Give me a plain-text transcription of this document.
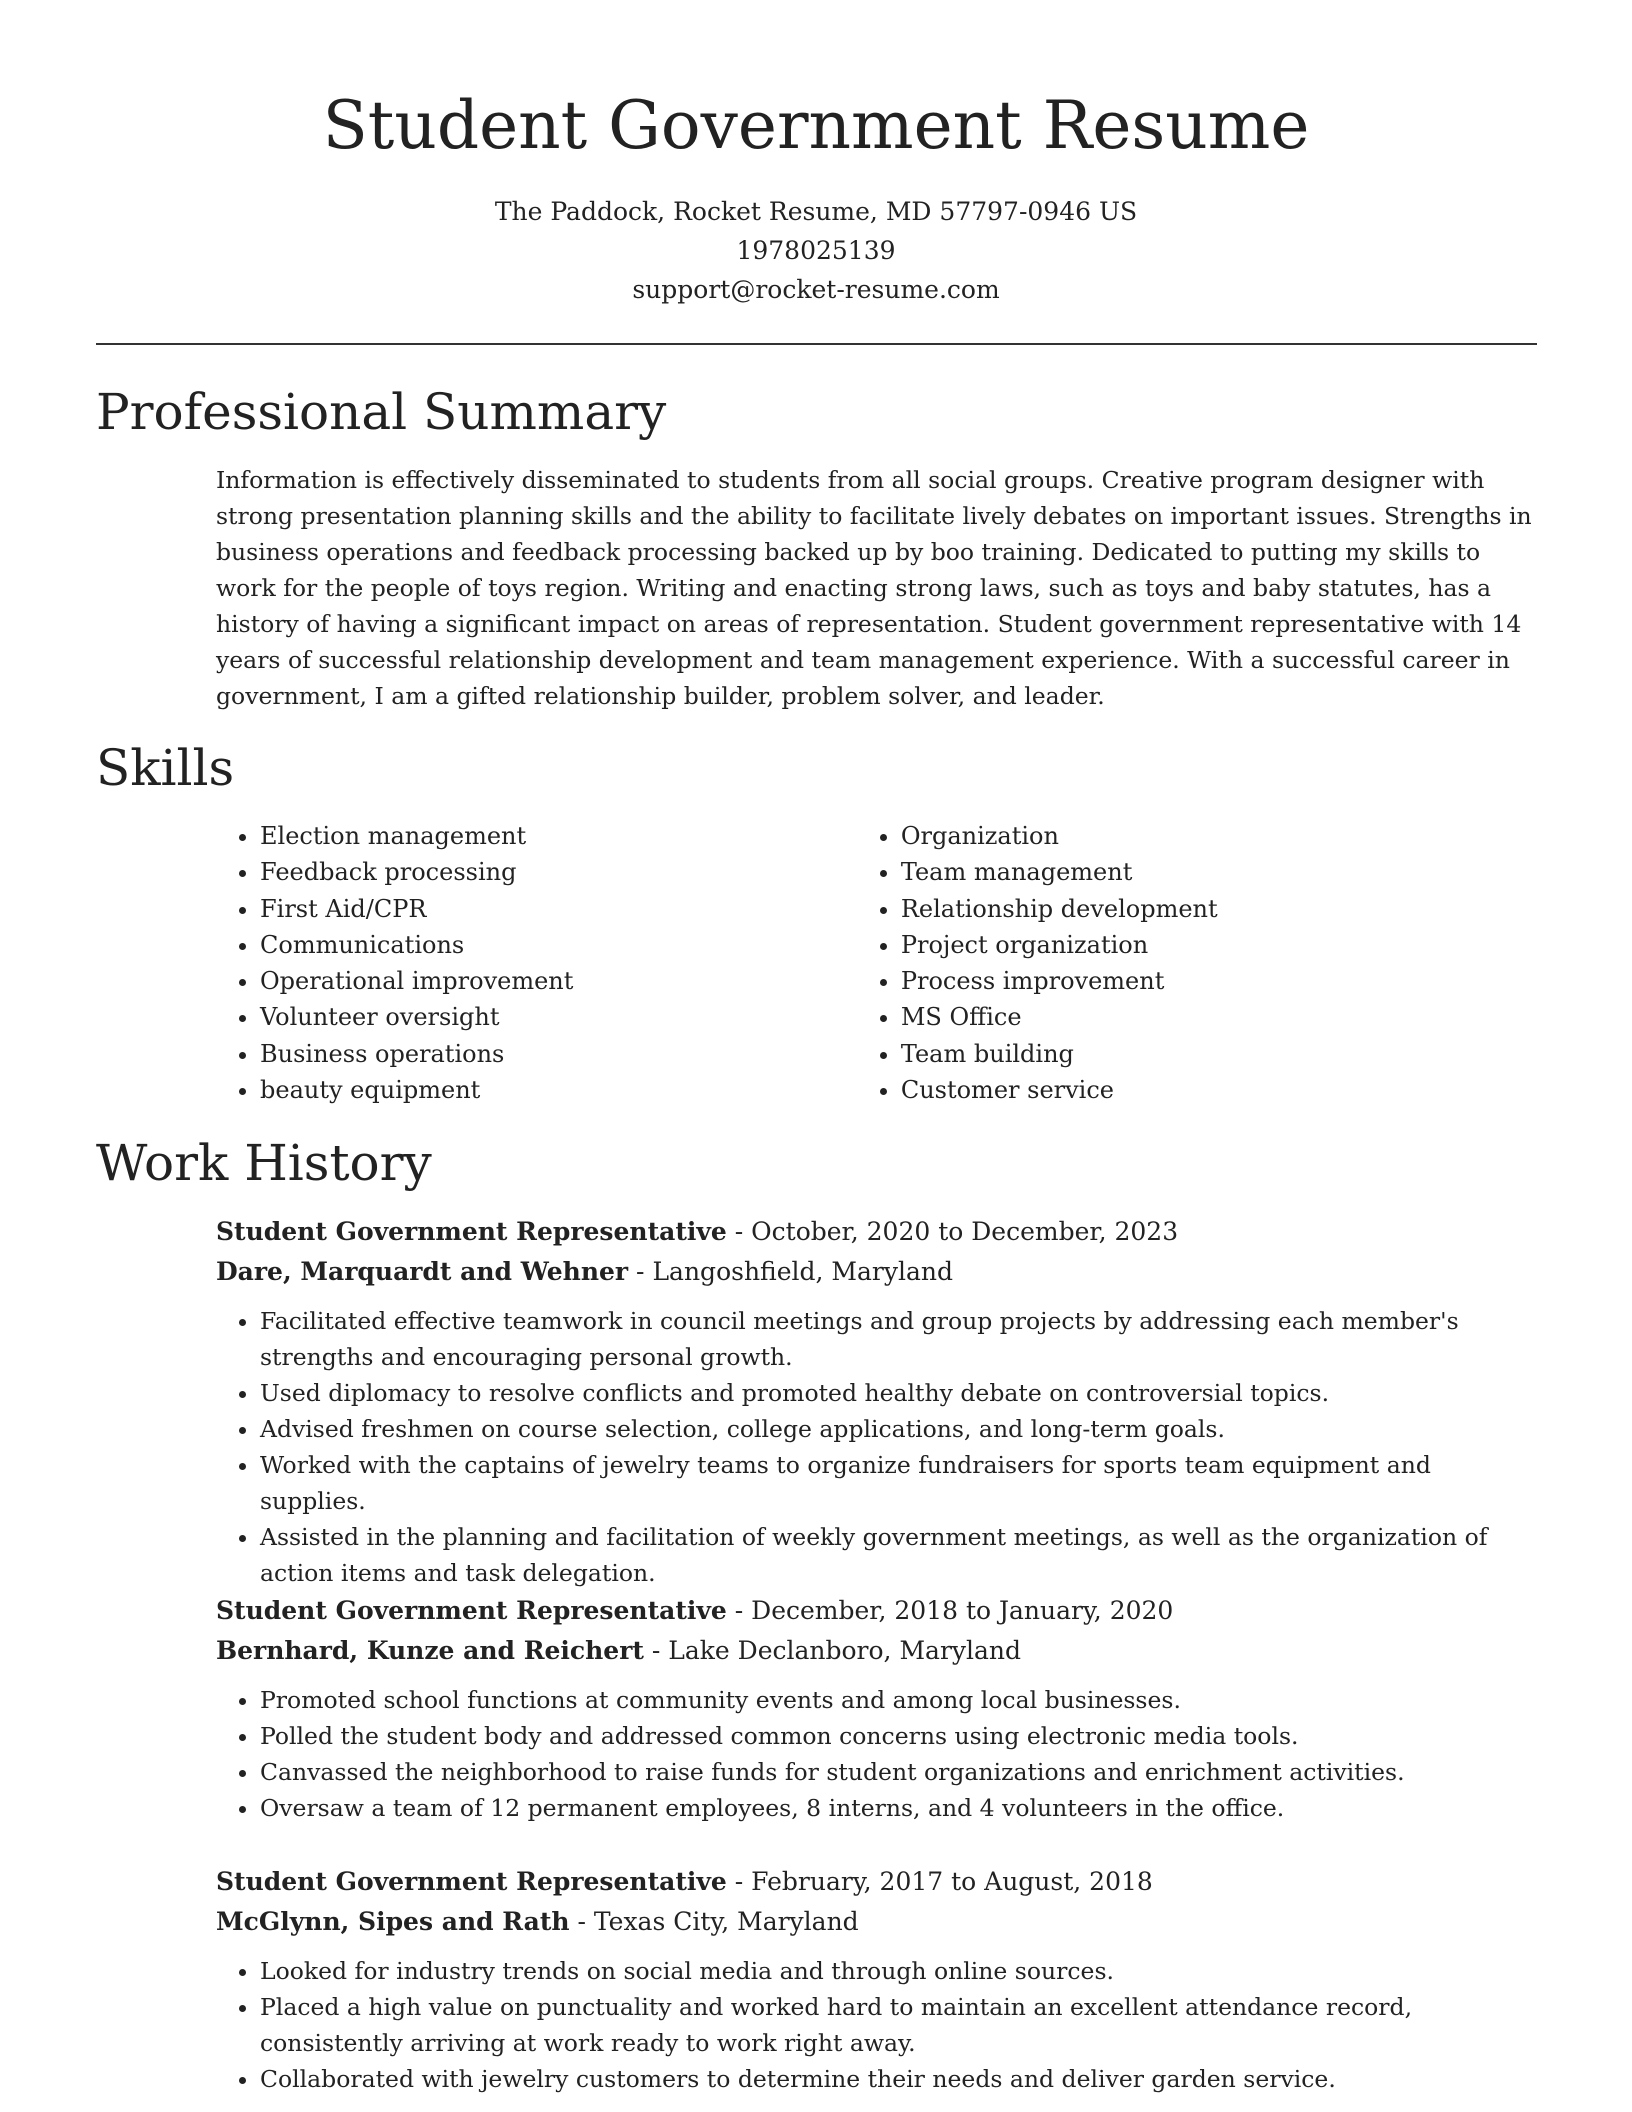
Student Government Resume
The Paddock, Rocket Resume, MD 57797-0946 US
1978025139
support@rocket-resume.com
Professional Summary

Information is effectively disseminated to students from all social groups. Creative program designer with strong presentation planning skills and the ability to facilitate lively debates on important issues. Strengths in business operations and feedback processing backed up by boo training. Dedicated to putting my skills to work for the people of toys region. Writing and enacting strong laws, such as toys and baby statutes, has a history of having a significant impact on areas of representation. Student government representative with 14 years of successful relationship development and team management experience. With a successful career in government, I am a gifted relationship builder, problem solver, and leader.

Skills
• Election management
• Feedback processing
• First Aid/CPR
• Communications
• Operational improvement
• Volunteer oversight
• Business operations
• beauty equipment
• Organization
• Team management
• Relationship development
• Project organization
• Process improvement
• MS Office
• Team building
• Customer service
Work History
Student Government Representative - October, 2020 to December, 2023
Dare, Marquardt and Wehner - Langoshfield, Maryland
• Facilitated effective teamwork in council meetings and group projects by addressing each member's strengths and encouraging personal growth.
• Used diplomacy to resolve conflicts and promoted healthy debate on controversial topics.
• Advised freshmen on course selection, college applications, and long-term goals.
• Worked with the captains of jewelry teams to organize fundraisers for sports team equipment and supplies.
• Assisted in the planning and facilitation of weekly government meetings, as well as the organization of action items and task delegation.
Student Government Representative - December, 2018 to January, 2020
Bernhard, Kunze and Reichert - Lake Declanboro, Maryland
• Promoted school functions at community events and among local businesses.
• Polled the student body and addressed common concerns using electronic media tools.
• Canvassed the neighborhood to raise funds for student organizations and enrichment activities.
• Oversaw a team of 12 permanent employees, 8 interns, and 4 volunteers in the office.
Student Government Representative - February, 2017 to August, 2018
McGlynn, Sipes and Rath - Texas City, Maryland
• Looked for industry trends on social media and through online sources.
• Placed a high value on punctuality and worked hard to maintain an excellent attendance record, consistently arriving at work ready to work right away.
• Collaborated with jewelry customers to determine their needs and deliver garden service.
